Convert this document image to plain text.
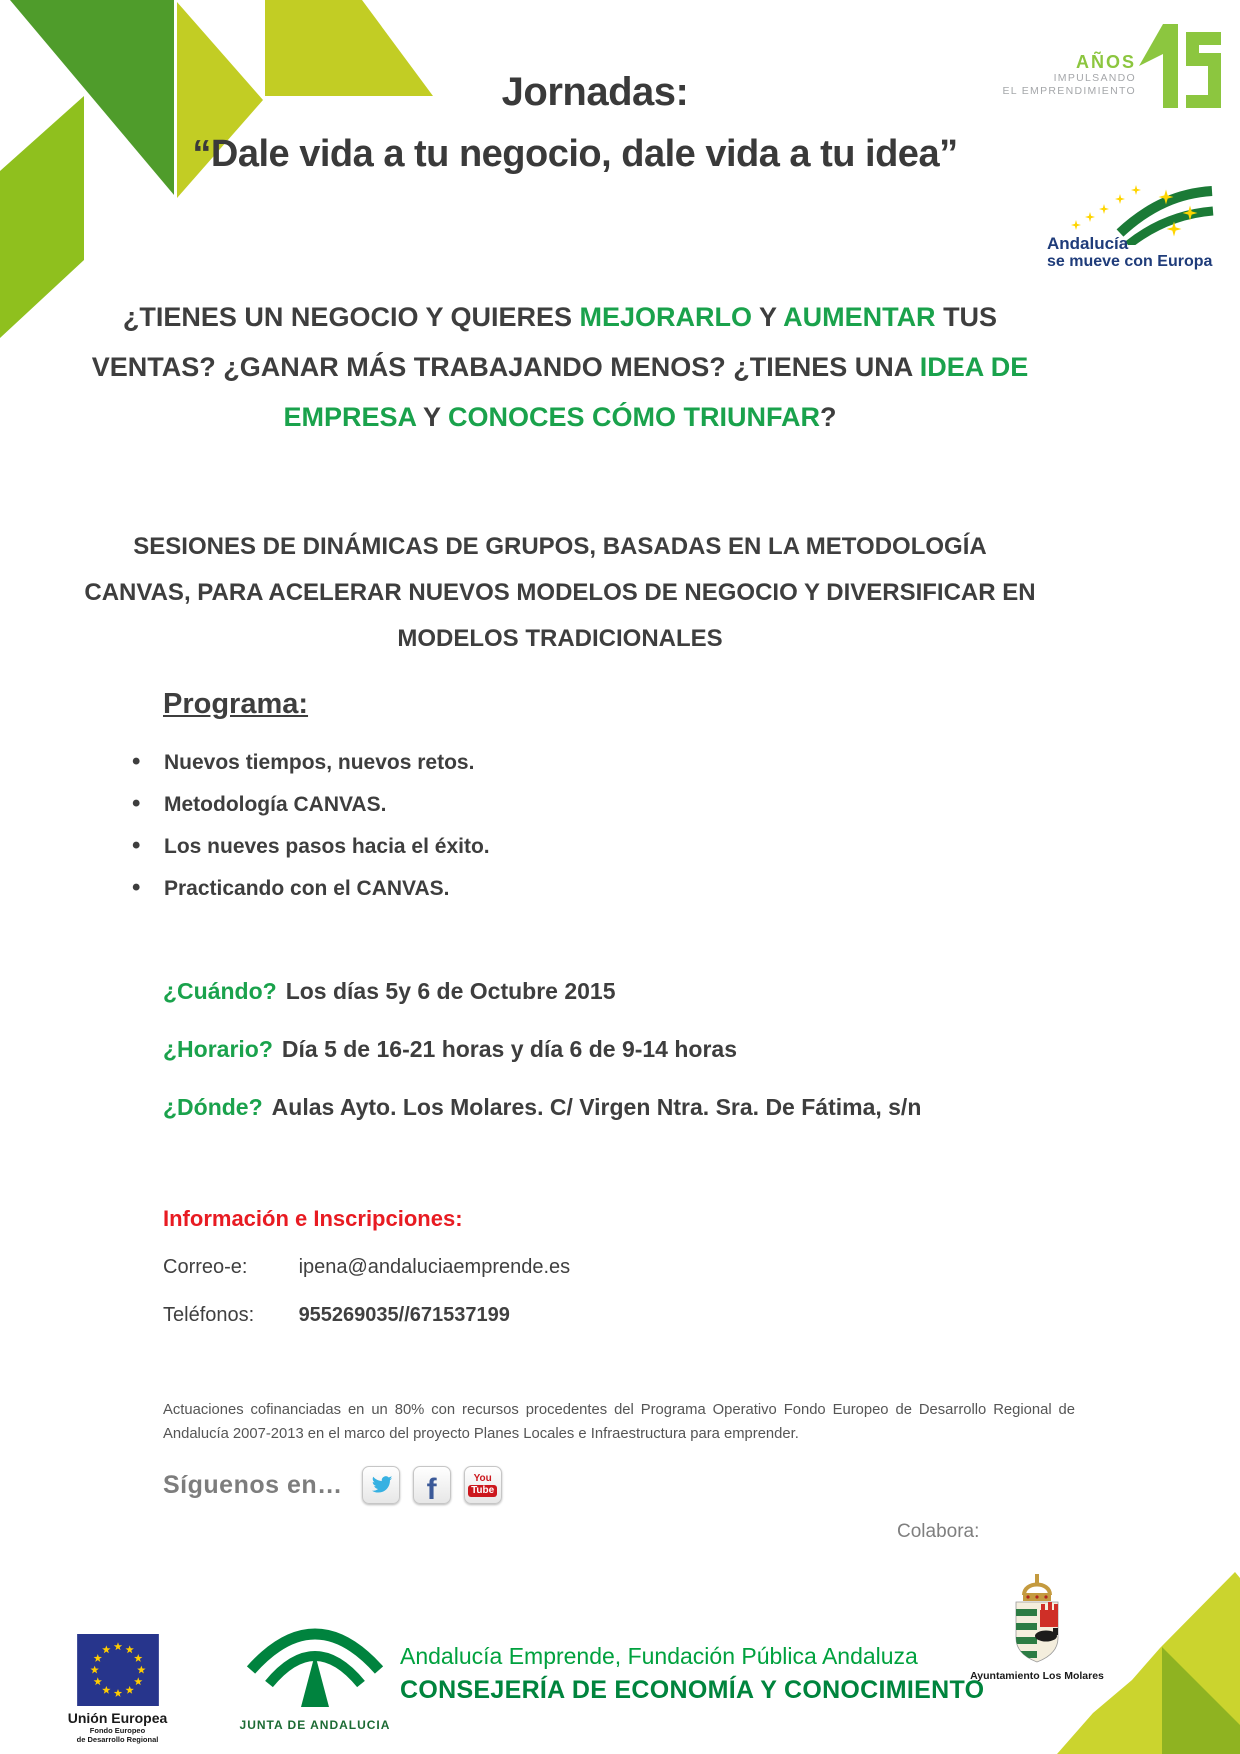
Jornadas:
“Dale vida a tu negocio, dale vida a tu idea”
AÑOS
IMPULSANDO
EL EMPRENDIMIENTO
Andalucía
se mueve con Europa
¿TIENES UN NEGOCIO Y QUIERES MEJORARLO Y AUMENTAR TUS
VENTAS? ¿GANAR MÁS TRABAJANDO MENOS? ¿TIENES UNA IDEA DE
EMPRESA Y CONOCES CÓMO TRIUNFAR?
SESIONES DE DINÁMICAS DE GRUPOS, BASADAS EN LA METODOLOGÍA
CANVAS, PARA ACELERAR NUEVOS MODELOS DE NEGOCIO Y DIVERSIFICAR EN
MODELOS TRADICIONALES
Programa:
• Nuevos tiempos, nuevos retos.
• Metodología CANVAS.
• Los nueves pasos hacia el éxito.
• Practicando con el CANVAS.
¿Cuándo? Los días 5y 6 de Octubre 2015
¿Horario? Día 5 de 16-21 horas y día 6 de 9-14 horas
¿Dónde? Aulas Ayto. Los Molares. C/ Virgen Ntra. Sra. De Fátima, s/n
Información e Inscripciones:
Correo-e:	ipena@andaluciaemprende.es
Teléfonos: 955269035//671537199
Actuaciones cofinanciadas en un 80% con recursos procedentes del Programa Operativo Fondo Europeo de Desarrollo Regional de Andalucía 2007-2013 en el marco del proyecto Planes Locales e Infraestructura para emprender.
Síguenos en…	f	You
Tube
Colabora:
Unión Europea
Fondo Europeo
de Desarrollo Regional
JUNTA DE ANDALUCIA
Andalucía Emprende, Fundación Pública Andaluza
CONSEJERÍA DE ECONOMÍA Y CONOCIMIENTO
Ayuntamiento Los Molares
